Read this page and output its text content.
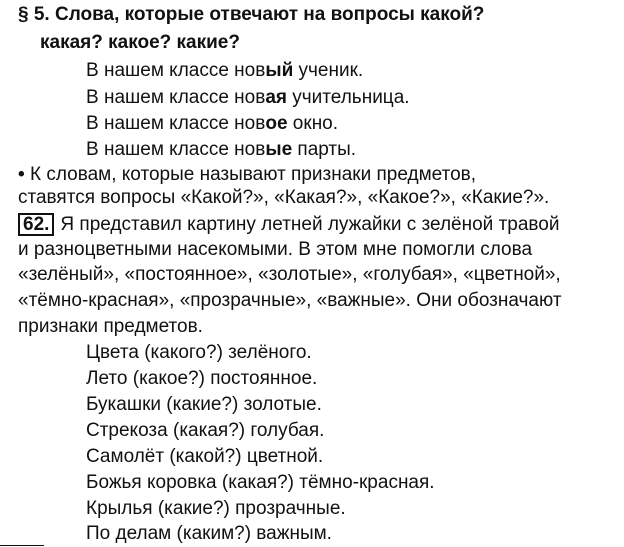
§ 5. Слова, которые отвечают на вопросы какой?
какая? какое? какие?
В нашем классе новый ученик.
В нашем классе новая учительница.
В нашем классе новое окно.
В нашем классе новые парты.
• К словам, которые называют признаки предметов,
ставятся вопросы «Какой?», «Какая?», «Какое?», «Какие?».
62. Я представил картину летней лужайки с зелёной травой
и разноцветными насекомыми. В этом мне помогли слова
«зелёный», «постоянное», «золотые», «голубая», «цветной»,
«тёмно-красная», «прозрачные», «важные». Они обозначают
признаки предметов.
Цвета (какого?) зелёного.
Лето (какое?) постоянное.
Букашки (какие?) золотые.
Стрекоза (какая?) голубая.
Самолёт (какой?) цветной.
Божья коровка (какая?) тёмно-красная.
Крылья (какие?) прозрачные.
По делам (каким?) важным.
